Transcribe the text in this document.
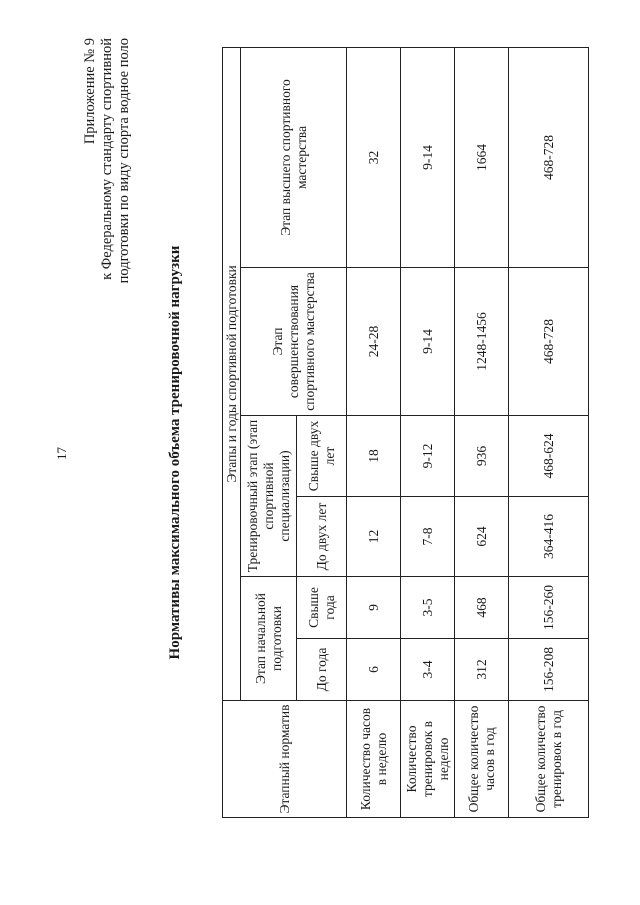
17
Приложение № 9 к Федеральному стандарту спортивной подготовки по виду спорта водное поло
Нормативы максимального объема тренировочной нагрузки
Этапный норматив	Этапы и годы спортивной подготовки					
	Этап начальной подготовки		Тренировочный этап (этап спортивной специализации)		Этап совершенствования спортивного мастерства	Этап высшего спортивного мастерства
	До года	Свыше года	До двух лет	Свыше двух лет		
Количество часов в неделю	6	9	12	18	24-28	32
Количество тренировок в неделю	3-4	3-5	7-8	9-12	9-14	9-14
Общее количество часов в год	312	468	624	936	1248-1456	1664
Общее количество тренировок в год	156-208	156-260	364-416	468-624	468-728	468-728
